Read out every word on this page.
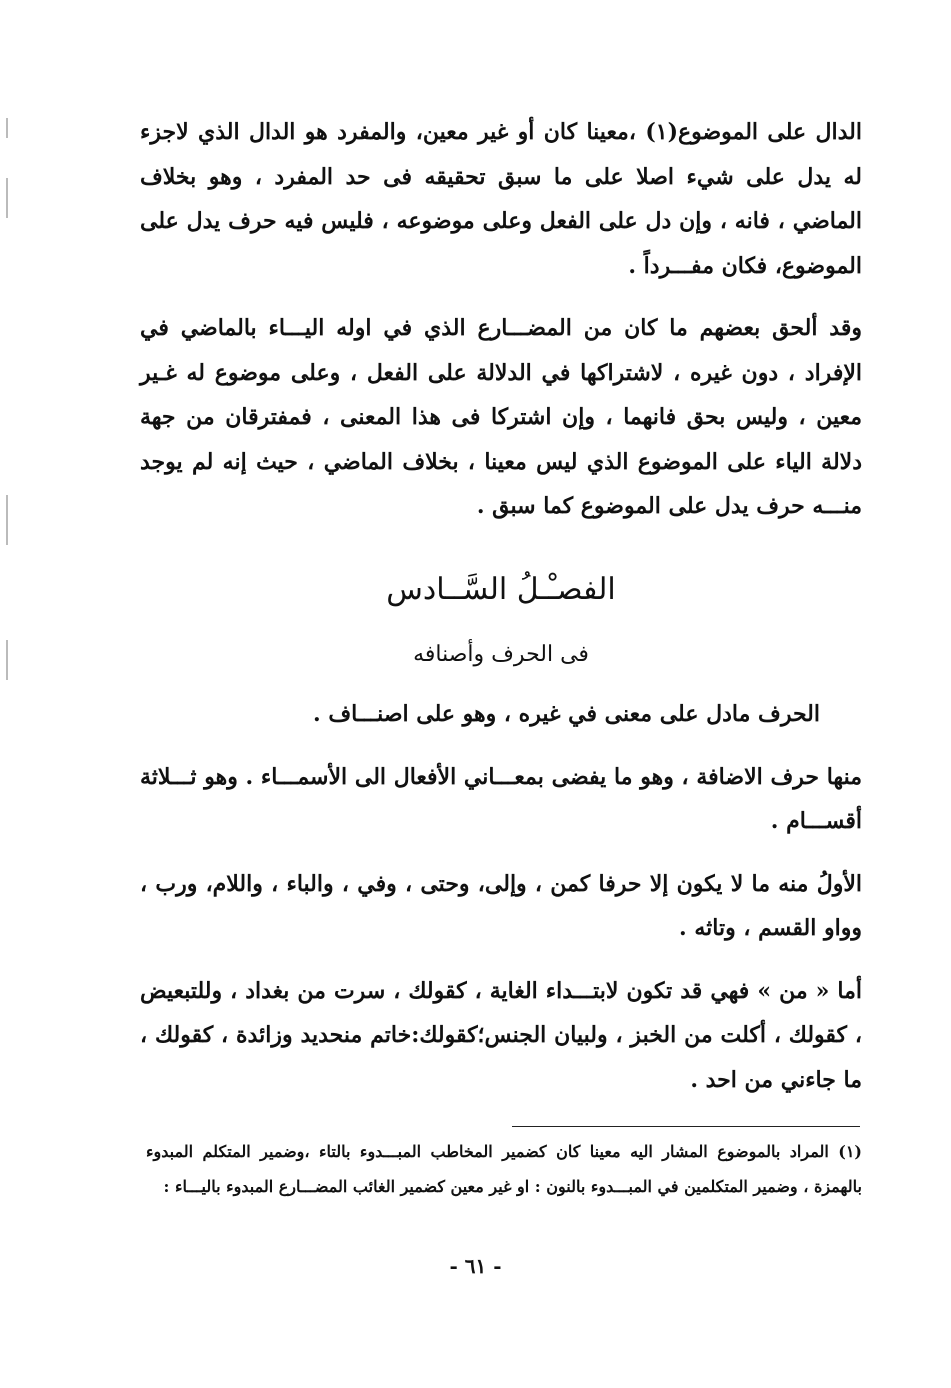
الدال على الموضوع(١) ،معينا كان أو غير معين، والمفرد هو الدال الذي لاجزء له يدل على شيء اصلا على ما سبق تحقيقه فى حد المفرد ، وهو بخلاف الماضي ، فانه ، وإن دل على الفعل وعلى موضوعه ، فليس فيه حرف يدل على الموضوع، فكان مفـــرداً .

وقد ألحق بعضهم ما كان من المضـــارع الذي في اوله اليـــاء بالماضي في الإفراد ، دون غيره ، لاشتراكها في الدلالة على الفعل ، وعلى موضوع له غـير معين ، وليس بحق فانهما ، وإن اشتركا فى هذا المعنى ، فمفترقان من جهة دلالة الياء على الموضوع الذي ليس معينا ، بخلاف الماضي ، حيث إنه لم يوجد منـــه حرف يدل على الموضوع كما سبق .

الفصـْـلُ السَّــادس
فى الحرف وأصنافه

الحرف مادل على معنى في غيره ، وهو على اصنـــاف .

منها حرف الاضافة ، وهو ما يفضى بمعـــاني الأفعال الى الأسمـــاء . وهو ثـــلاثة أقســـام .

الأولُ منه ما لا يكون إلا حرفا كمن ، وإلى، وحتى ، وفي ، والباء ، واللام، ورب ، وواو القسم ، وتاثه .

أما « من » فهي قد تكون لابتـــداء الغاية ، كقولك ، سرت من بغداد ، وللتبعيض ، كقولك ، أكلت من الخبز ، ولبيان الجنس؛كقولك:خاتم منحديد وزائدة ، كقولك ، ما جاءني من احد .

(١) المراد بالموضوع المشار اليه معينا كان كضمير المخاطب المبـــدوء بالتاء ،وضمير المتكلم المبدوء بالهمزة ، وضمير المتكلمين في المبـــدوء بالنون : او غير معين كضمير الغائب المضـــارع المبدوء باليـــاء :
- ٦١ -
